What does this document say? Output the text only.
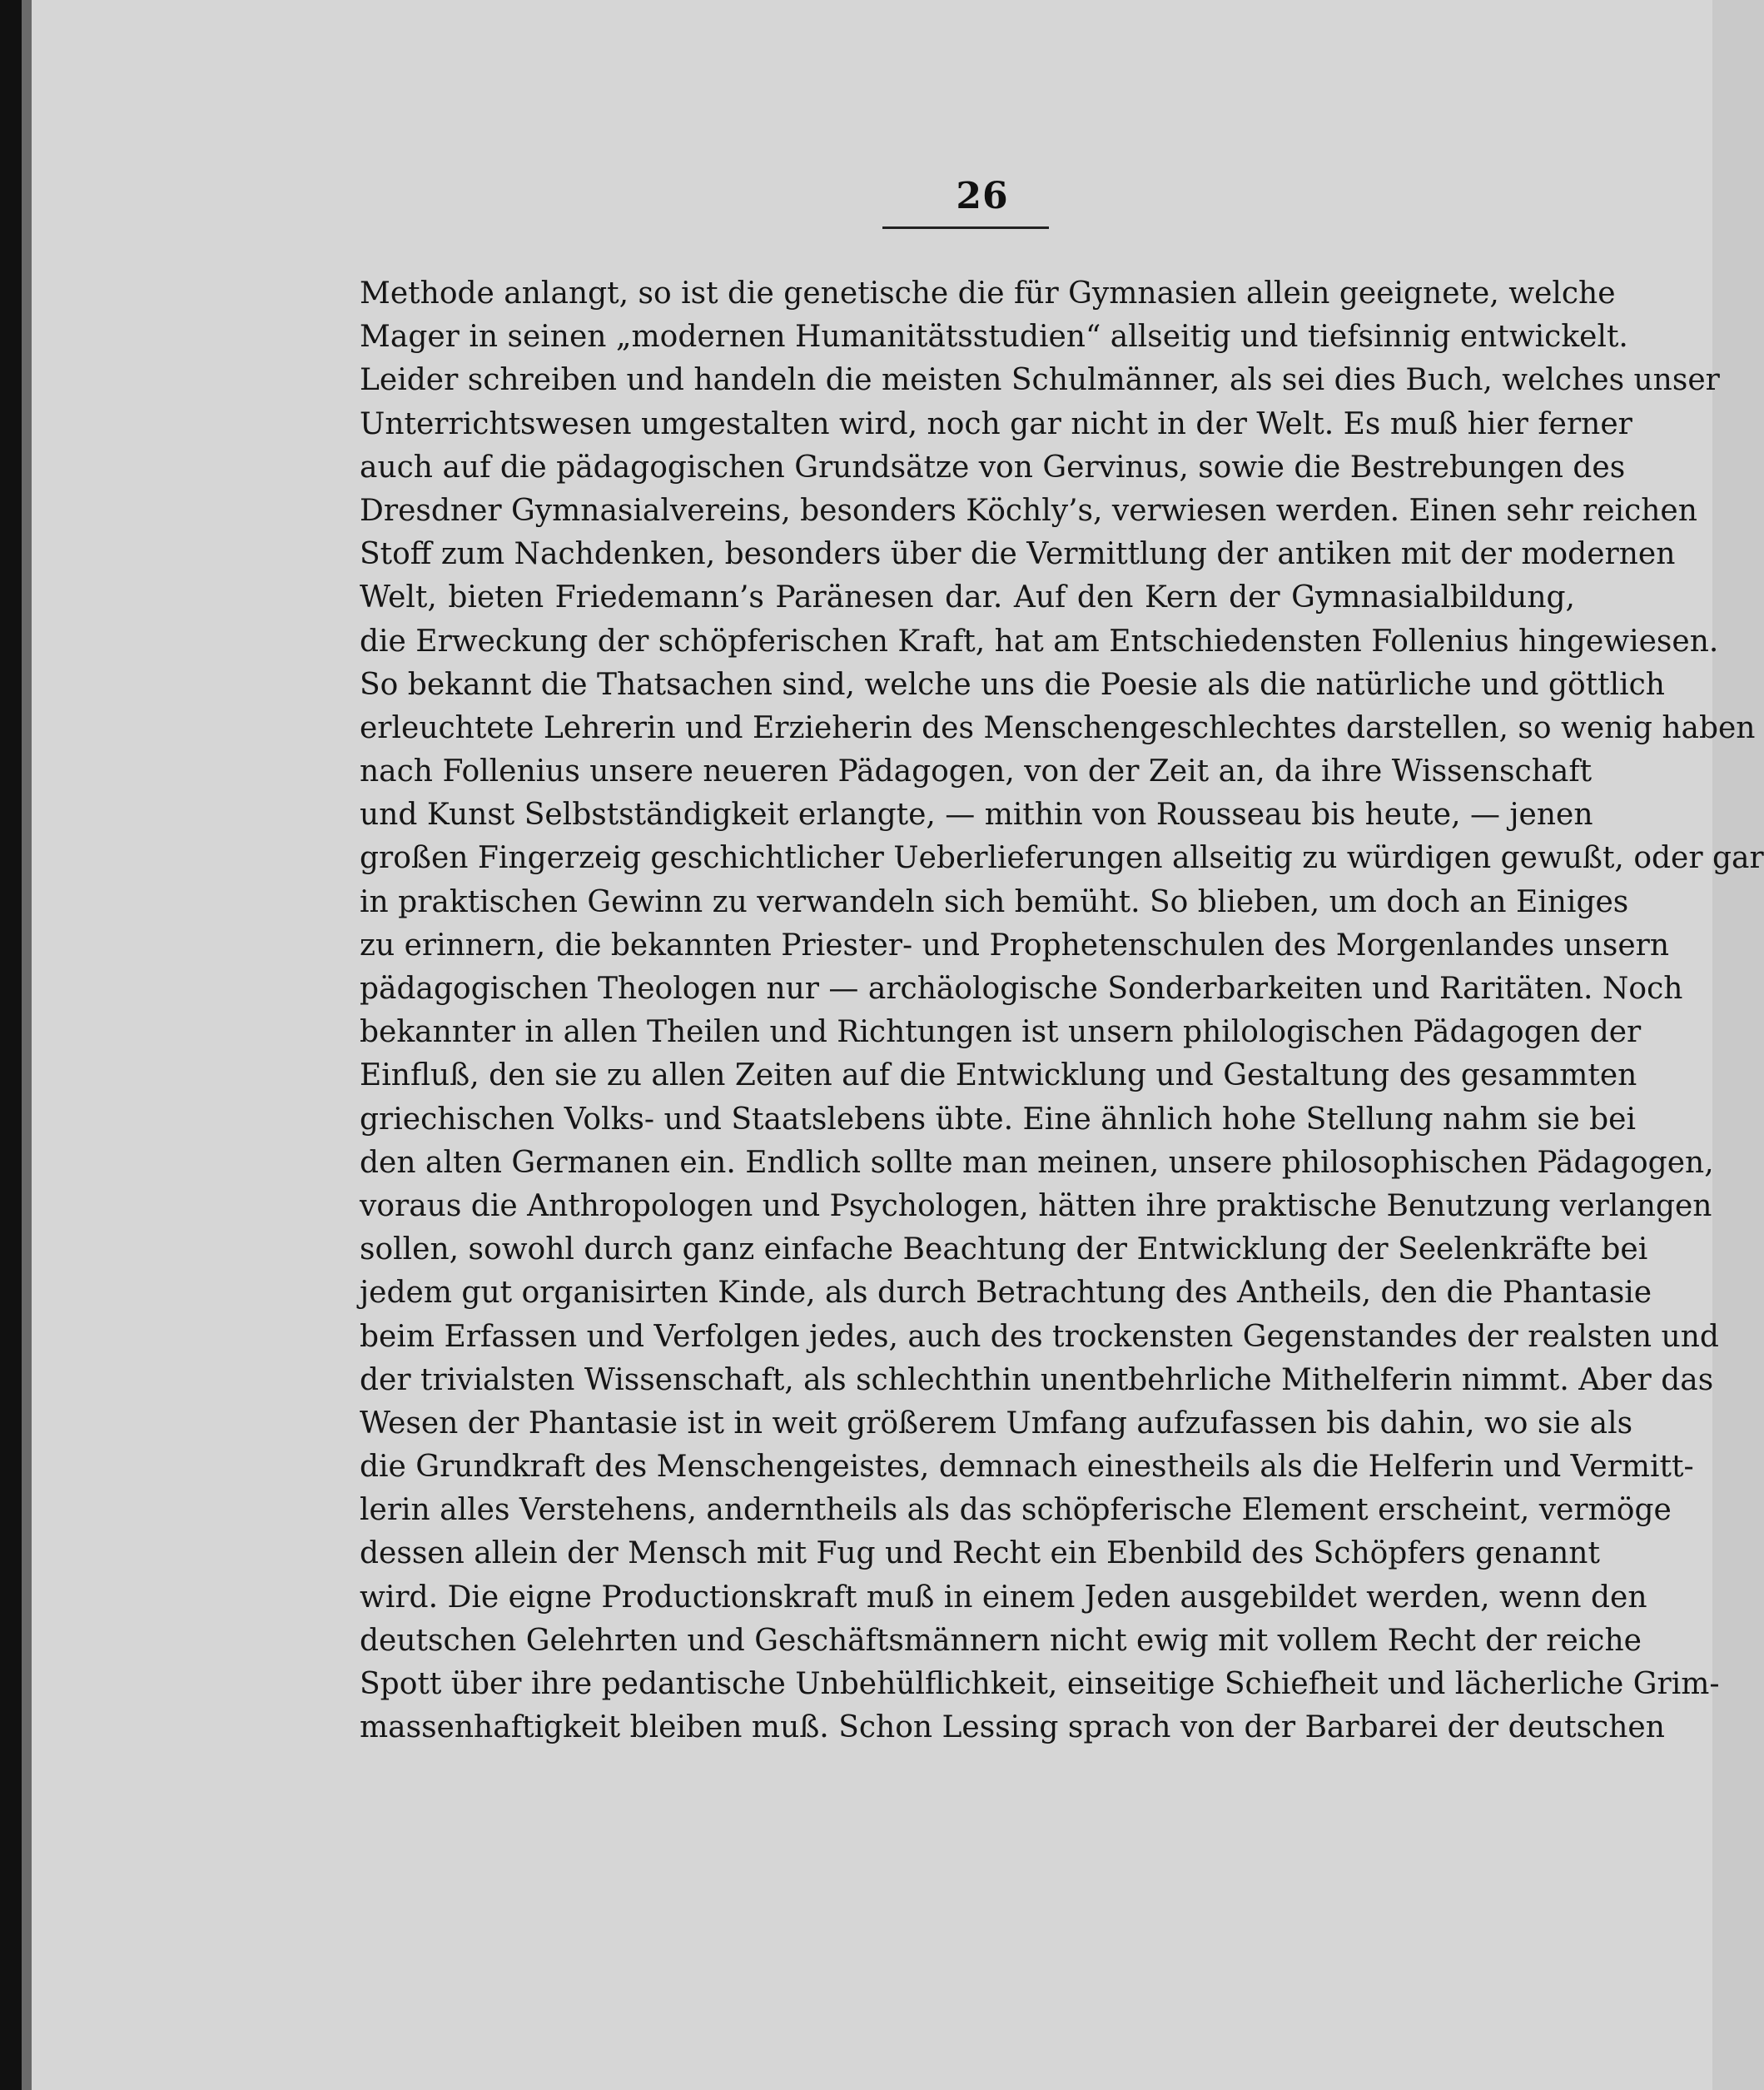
26
Methode anlangt, so ist die genetische die für Gymnasien allein geeignete, welche
Mager in seinen „modernen Humanitätsstudien“ allseitig und tiefsinnig entwickelt.
Leider schreiben und handeln die meisten Schulmänner, als sei dies Buch, welches unser
Unterrichtswesen umgestalten wird, noch gar nicht in der Welt. Es muß hier ferner
auch auf die pädagogischen Grundsätze von Gervinus, sowie die Bestrebungen des
Dresdner Gymnasialvereins, besonders Köchly’s, verwiesen werden. Einen sehr reichen
Stoff zum Nachdenken, besonders über die Vermittlung der antiken mit der modernen
Welt, bieten Friedemann’s Paränesen dar. Auf den Kern der Gymnasialbildung,
die Erweckung der schöpferischen Kraft, hat am Entschiedensten Follenius hingewiesen.
So bekannt die Thatsachen sind, welche uns die Poesie als die natürliche und göttlich
erleuchtete Lehrerin und Erzieherin des Menschengeschlechtes darstellen, so wenig haben
nach Follenius unsere neueren Pädagogen, von der Zeit an, da ihre Wissenschaft
und Kunst Selbstständigkeit erlangte, — mithin von Rousseau bis heute, — jenen
großen Fingerzeig geschichtlicher Ueberlieferungen allseitig zu würdigen gewußt, oder gar
in praktischen Gewinn zu verwandeln sich bemüht. So blieben, um doch an Einiges
zu erinnern, die bekannten Priester- und Prophetenschulen des Morgenlandes unsern
pädagogischen Theologen nur — archäologische Sonderbarkeiten und Raritäten. Noch
bekannter in allen Theilen und Richtungen ist unsern philologischen Pädagogen der
Einfluß, den sie zu allen Zeiten auf die Entwicklung und Gestaltung des gesammten
griechischen Volks- und Staatslebens übte. Eine ähnlich hohe Stellung nahm sie bei
den alten Germanen ein. Endlich sollte man meinen, unsere philosophischen Pädagogen,
voraus die Anthropologen und Psychologen, hätten ihre praktische Benutzung verlangen
sollen, sowohl durch ganz einfache Beachtung der Entwicklung der Seelenkräfte bei
jedem gut organisirten Kinde, als durch Betrachtung des Antheils, den die Phantasie
beim Erfassen und Verfolgen jedes, auch des trockensten Gegenstandes der realsten und
der trivialsten Wissenschaft, als schlechthin unentbehrliche Mithelferin nimmt. Aber das
Wesen der Phantasie ist in weit größerem Umfang aufzufassen bis dahin, wo sie als
die Grundkraft des Menschengeistes, demnach einestheils als die Helferin und Vermitt-
lerin alles Verstehens, anderntheils als das schöpferische Element erscheint, vermöge
dessen allein der Mensch mit Fug und Recht ein Ebenbild des Schöpfers genannt
wird. Die eigne Productionskraft muß in einem Jeden ausgebildet werden, wenn den
deutschen Gelehrten und Geschäftsmännern nicht ewig mit vollem Recht der reiche
Spott über ihre pedantische Unbehülflichkeit, einseitige Schiefheit und lächerliche Grim-
massenhaftigkeit bleiben muß. Schon Lessing sprach von der Barbarei der deutschen
